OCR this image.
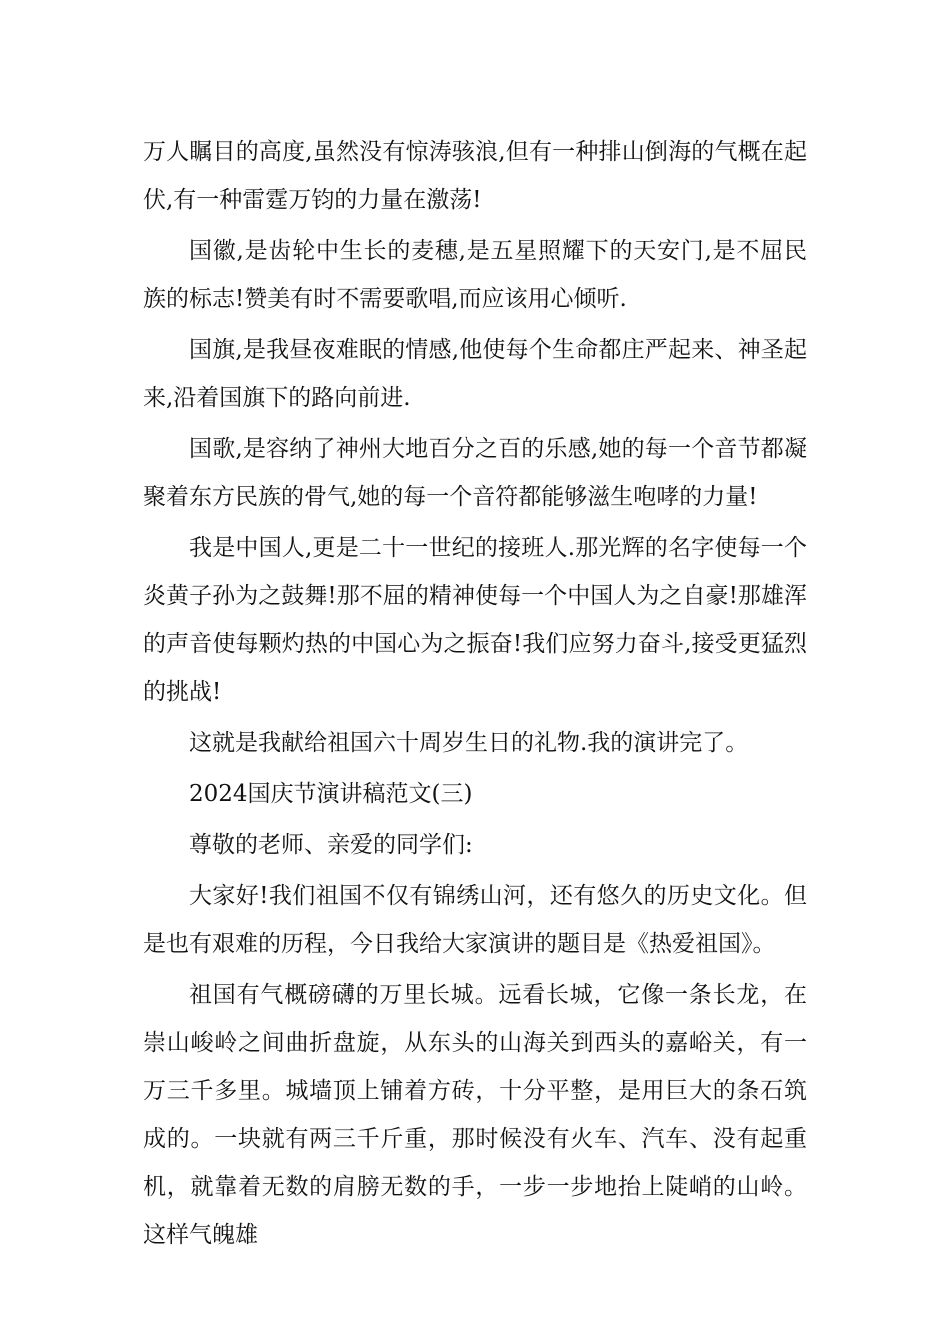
万人瞩目的高度,虽然没有惊涛骇浪,但有一种排山倒海的气概在起伏,有一种雷霆万钧的力量在激荡!

国徽,是齿轮中生长的麦穗,是五星照耀下的天安门,是不屈民族的标志!赞美有时不需要歌唱,而应该用心倾听.

国旗,是我昼夜难眠的情感,他使每个生命都庄严起来、神圣起来,沿着国旗下的路向前进.

国歌,是容纳了神州大地百分之百的乐感,她的每一个音节都凝聚着东方民族的骨气,她的每一个音符都能够滋生咆哮的力量!

我是中国人,更是二十一世纪的接班人.那光辉的名字使每一个炎黄子孙为之鼓舞!那不屈的精神使每一个中国人为之自豪!那雄浑的声音使每颗灼热的中国心为之振奋!我们应努力奋斗,接受更猛烈的挑战!

这就是我献给祖国六十周岁生日的礼物.我的演讲完了。

2024国庆节演讲稿范文(三)

尊敬的老师、亲爱的同学们:

大家好!我们祖国不仅有锦绣山河，还有悠久的历史文化。但是也有艰难的历程，今日我给大家演讲的题目是《热爱祖国》。

祖国有气概磅礴的万里长城。远看长城，它像一条长龙，在崇山峻岭之间曲折盘旋，从东头的山海关到西头的嘉峪关，有一万三千多里。城墙顶上铺着方砖，十分平整，是用巨大的条石筑成的。一块就有两三千斤重，那时候没有火车、汽车、没有起重机，就靠着无数的肩膀无数的手，一步一步地抬上陡峭的山岭。这样气魄雄
